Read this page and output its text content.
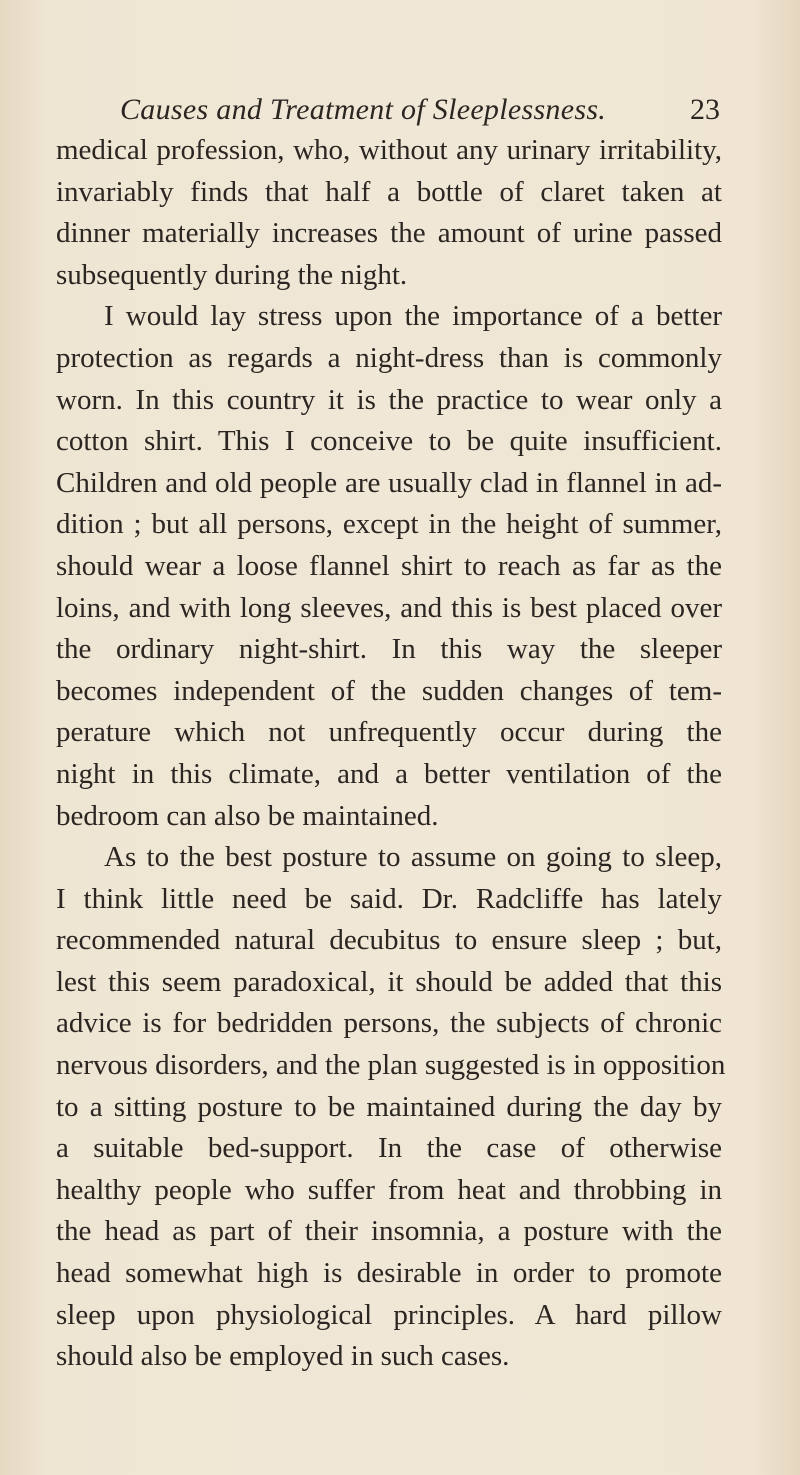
Causes and Treatment of Sleeplessness.	23
medical profession, who, without any urinary irritability,
invariably finds that half a bottle of claret taken at
dinner materially increases the amount of urine passed
subsequently during the night.
I would lay stress upon the importance of a better
protection as regards a night-dress than is commonly
worn. In this country it is the practice to wear only a
cotton shirt. This I conceive to be quite insufficient.
Children and old people are usually clad in flannel in ad-
dition ; but all persons, except in the height of summer,
should wear a loose flannel shirt to reach as far as the
loins, and with long sleeves, and this is best placed over
the ordinary night-shirt. In this way the sleeper
becomes independent of the sudden changes of tem-
perature which not unfrequently occur during the
night in this climate, and a better ventilation of the
bedroom can also be maintained.
As to the best posture to assume on going to sleep,
I think little need be said. Dr. Radcliffe has lately
recommended natural decubitus to ensure sleep ; but,
lest this seem paradoxical, it should be added that this
advice is for bedridden persons, the subjects of chronic
nervous disorders, and the plan suggested is in opposition
to a sitting posture to be maintained during the day by
a suitable bed-support. In the case of otherwise
healthy people who suffer from heat and throbbing in
the head as part of their insomnia, a posture with the
head somewhat high is desirable in order to promote
sleep upon physiological principles. A hard pillow
should also be employed in such cases.
